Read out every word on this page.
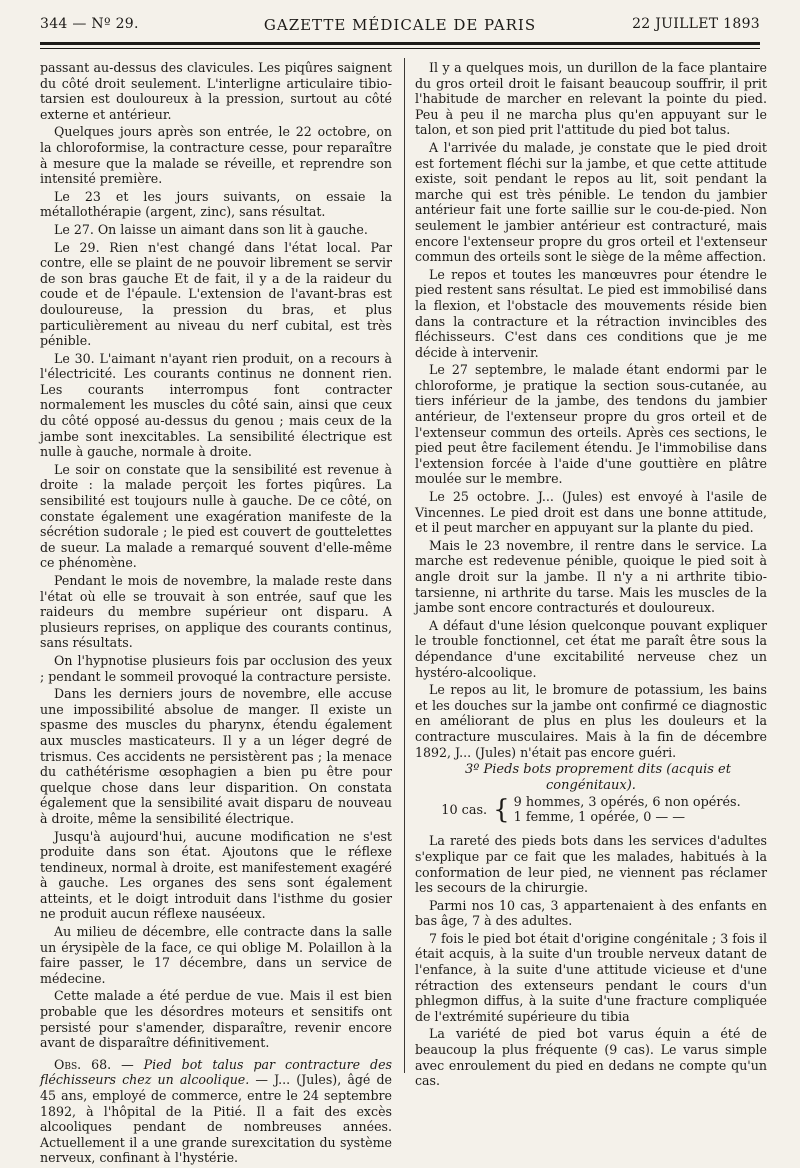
344 — Nº 29.	GAZETTE MÉDICALE DE PARIS	22 JUILLET 1893

passant au-dessus des clavicules. Les piqûres saignent du côté droit seulement. L'interligne articulaire tibio-tarsien est douloureux à la pression, surtout au côté externe et antérieur.

Quelques jours après son entrée, le 22 octobre, on la chloroformise, la contracture cesse, pour reparaître à mesure que la malade se réveille, et reprendre son intensité première.

Le 23 et les jours suivants, on essaie la métallothérapie (argent, zinc), sans résultat.

Le 27. On laisse un aimant dans son lit à gauche.

Le 29. Rien n'est changé dans l'état local. Par contre, elle se plaint de ne pouvoir librement se servir de son bras gauche Et de fait, il y a de la raideur du coude et de l'épaule. L'extension de l'avant-bras est douloureuse, la pression du bras, et plus particulièrement au niveau du nerf cubital, est très pénible.

Le 30. L'aimant n'ayant rien produit, on a recours à l'électricité. Les courants continus ne donnent rien. Les courants interrompus font contracter normalement les muscles du côté sain, ainsi que ceux du côté opposé au-dessus du genou ; mais ceux de la jambe sont inexcitables. La sensibilité électrique est nulle à gauche, normale à droite.

Le soir on constate que la sensibilité est revenue à droite : la malade perçoit les fortes piqûres. La sensibilité est toujours nulle à gauche. De ce côté, on constate également une exagération manifeste de la sécrétion sudorale ; le pied est couvert de gouttelettes de sueur. La malade a remarqué souvent d'elle-même ce phénomène.

Pendant le mois de novembre, la malade reste dans l'état où elle se trouvait à son entrée, sauf que les raideurs du membre supérieur ont disparu. A plusieurs reprises, on applique des courants continus, sans résultats.

On l'hypnotise plusieurs fois par occlusion des yeux ; pendant le sommeil provoqué la contracture persiste.

Dans les derniers jours de novembre, elle accuse une impossibilité absolue de manger. Il existe un spasme des muscles du pharynx, étendu également aux muscles masticateurs. Il y a un léger degré de trismus. Ces accidents ne persistèrent pas ; la menace du cathétérisme œsophagien a bien pu être pour quelque chose dans leur disparition. On constata également que la sensibilité avait disparu de nouveau à droite, même la sensibilité électrique.

Jusqu'à aujourd'hui, aucune modification ne s'est produite dans son état. Ajoutons que le réflexe tendineux, normal à droite, est manifestement exagéré à gauche. Les organes des sens sont également atteints, et le doigt introduit dans l'isthme du gosier ne produit aucun réflexe nauséeux.

Au milieu de décembre, elle contracte dans la salle un érysipèle de la face, ce qui oblige M. Polaillon à la faire passer, le 17 décembre, dans un service de médecine.

Cette malade a été perdue de vue. Mais il est bien probable que les désordres moteurs et sensitifs ont persisté pour s'amender, disparaître, revenir encore avant de disparaître définitivement.

Obs. 68. — Pied bot talus par contracture des fléchisseurs chez un alcoolique. — J... (Jules), âgé de 45 ans, employé de commerce, entre le 24 septembre 1892, à l'hôpital de la Pitié. Il a fait des excès alcooliques pendant de nombreuses années. Actuellement il a une grande surexcitation du système nerveux, confinant à l'hystérie.

Il y a quelques mois, un durillon de la face plantaire du gros orteil droit le faisant beaucoup souffrir, il prit l'habitude de marcher en relevant la pointe du pied. Peu à peu il ne marcha plus qu'en appuyant sur le talon, et son pied prit l'attitude du pied bot talus.

A l'arrivée du malade, je constate que le pied droit est fortement fléchi sur la jambe, et que cette attitude existe, soit pendant le repos au lit, soit pendant la marche qui est très pénible. Le tendon du jambier antérieur fait une forte saillie sur le cou-de-pied. Non seulement le jambier antérieur est contracturé, mais encore l'extenseur propre du gros orteil et l'extenseur commun des orteils sont le siège de la même affection.

Le repos et toutes les manœuvres pour étendre le pied restent sans résultat. Le pied est immobilisé dans la flexion, et l'obstacle des mouvements réside bien dans la contracture et la rétraction invincibles des fléchisseurs. C'est dans ces conditions que je me décide à intervenir.

Le 27 septembre, le malade étant endormi par le chloroforme, je pratique la section sous-cutanée, au tiers inférieur de la jambe, des tendons du jambier antérieur, de l'extenseur propre du gros orteil et de l'extenseur commun des orteils. Après ces sections, le pied peut être facilement étendu. Je l'immobilise dans l'extension forcée à l'aide d'une gouttière en plâtre moulée sur le membre.

Le 25 octobre. J... (Jules) est envoyé à l'asile de Vincennes. Le pied droit est dans une bonne attitude, et il peut marcher en appuyant sur la plante du pied.

Mais le 23 novembre, il rentre dans le service. La marche est redevenue pénible, quoique le pied soit à angle droit sur la jambe. Il n'y a ni arthrite tibio-tarsienne, ni arthrite du tarse. Mais les muscles de la jambe sont encore contracturés et douloureux.

A défaut d'une lésion quelconque pouvant expliquer le trouble fonctionnel, cet état me paraît être sous la dépendance d'une excitabilité nerveuse chez un hystéro-alcoolique.

Le repos au lit, le bromure de potassium, les bains et les douches sur la jambe ont confirmé ce diagnostic en améliorant de plus en plus les douleurs et la contracture musculaires. Mais à la fin de décembre 1892, J... (Jules) n'était pas encore guéri.

3º Pieds bots proprement dits (acquis et congénitaux).

10 cas. { 9 hommes, 3 opérés, 6 non opérés.
1 femme, 1 opérée, 0 — —

La rareté des pieds bots dans les services d'adultes s'explique par ce fait que les malades, habitués à la conformation de leur pied, ne viennent pas réclamer les secours de la chirurgie.

Parmi nos 10 cas, 3 appartenaient à des enfants en bas âge, 7 à des adultes.

7 fois le pied bot était d'origine congénitale ; 3 fois il était acquis, à la suite d'un trouble nerveux datant de l'enfance, à la suite d'une attitude vicieuse et d'une rétraction des extenseurs pendant le cours d'un phlegmon diffus, à la suite d'une fracture compliquée de l'extrémité supérieure du tibia

La variété de pied bot varus équin a été de beaucoup la plus fréquente (9 cas). Le varus simple avec enroulement du pied en dedans ne compte qu'un cas.
